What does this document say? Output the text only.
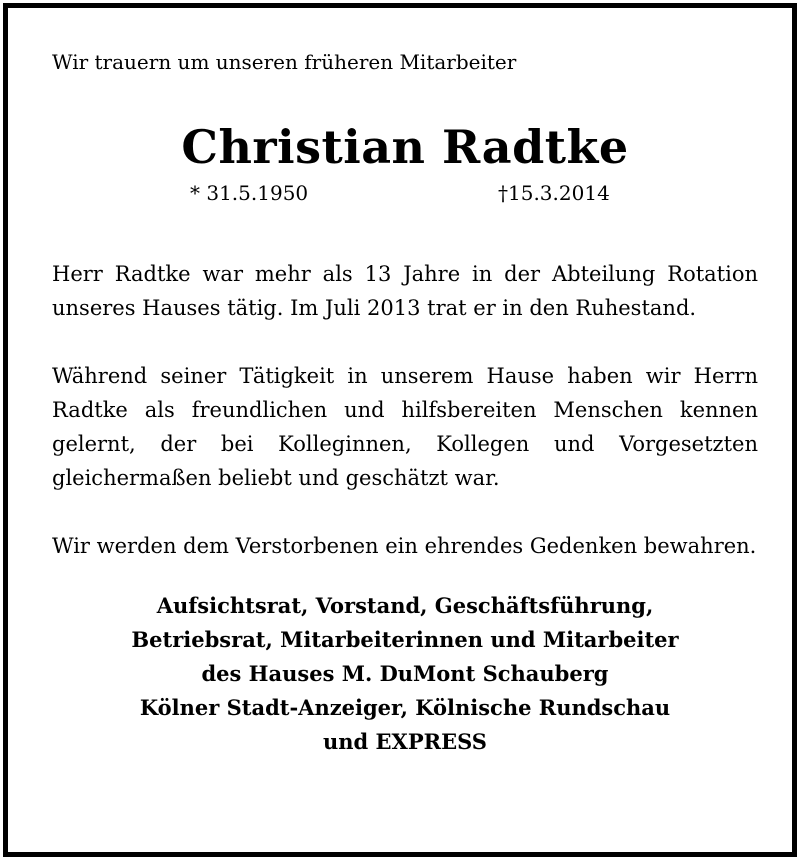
Wir trauern um unseren früheren Mitarbeiter

Christian Radtke
* 31.5.1950	†15.3.2014

Herr Radtke war mehr als 13 Jahre in der Abteilung Rotation unseres Hauses tätig. Im Juli 2013 trat er in den Ruhestand.

Während seiner Tätigkeit in unserem Hause haben wir Herrn Radtke als freundlichen und hilfsbereiten Menschen kennen gelernt, der bei Kolleginnen, Kollegen und Vorgesetzten gleichermaßen beliebt und geschätzt war.

Wir werden dem Verstorbenen ein ehrendes Gedenken bewahren.

Aufsichtsrat, Vorstand, Geschäftsführung,
Betriebsrat, Mitarbeiterinnen und Mitarbeiter
des Hauses M. DuMont Schauberg
Kölner Stadt-Anzeiger, Kölnische Rundschau
und EXPRESS
